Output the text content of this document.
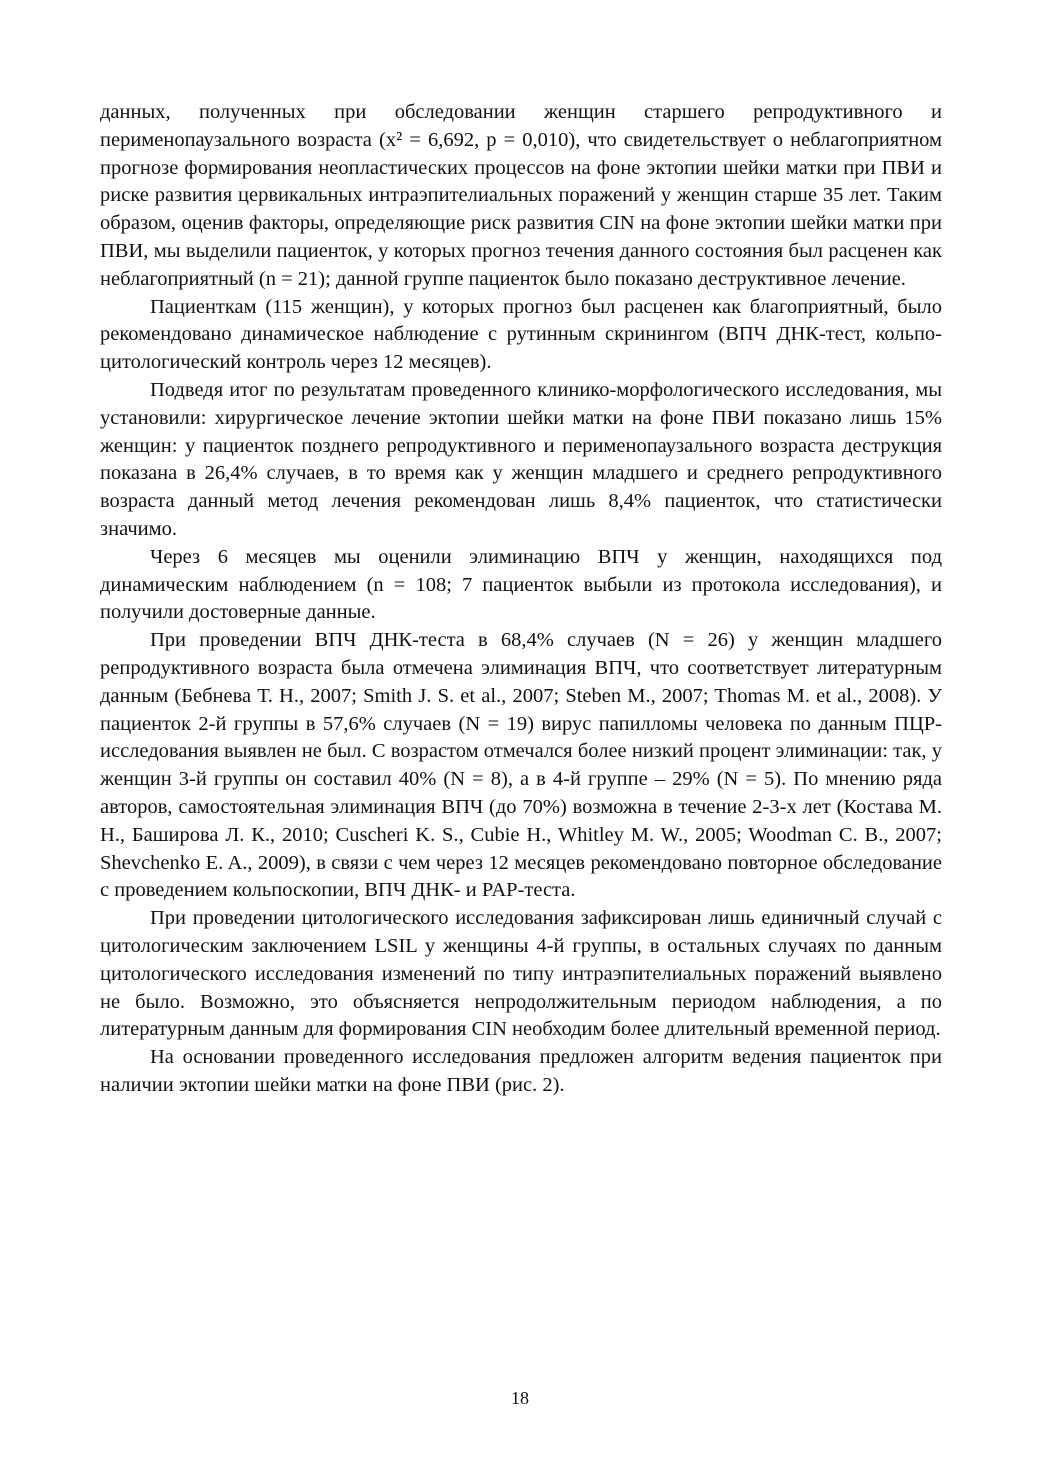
данных, полученных при обследовании женщин старшего репродуктивного и перименопаузального возраста (x² = 6,692, р = 0,010), что свидетельствует о неблагоприятном прогнозе формирования неопластических процессов на фоне эктопии шейки матки при ПВИ и риске развития цервикальных интраэпителиальных поражений у женщин старше 35 лет. Таким образом, оценив факторы, определяющие риск развития CIN на фоне эктопии шейки матки при ПВИ, мы выделили пациенток, у которых прогноз течения данного состояния был расценен как неблагоприятный (n = 21); данной группе пациенток было показано деструктивное лечение.

Пациенткам (115 женщин), у которых прогноз был расценен как благоприятный, было рекомендовано динамическое наблюдение с рутинным скринингом (ВПЧ ДНК-тест, кольпо-цитологический контроль через 12 месяцев).

Подведя итог по результатам проведенного клинико-морфологического исследования, мы установили: хирургическое лечение эктопии шейки матки на фоне ПВИ показано лишь 15% женщин: у пациенток позднего репродуктивного и перименопаузального возраста деструкция показана в 26,4% случаев, в то время как у женщин младшего и среднего репродуктивного возраста данный метод лечения рекомендован лишь 8,4% пациенток, что статистически значимо.

Через 6 месяцев мы оценили элиминацию ВПЧ у женщин, находящихся под динамическим наблюдением (n = 108; 7 пациенток выбыли из протокола исследования), и получили достоверные данные.

При проведении ВПЧ ДНК-теста в 68,4% случаев (N = 26) у женщин младшего репродуктивного возраста была отмечена элиминация ВПЧ, что соответствует литературным данным (Бебнева Т. Н., 2007; Smith J. S. et al., 2007; Steben M., 2007; Thomas M. et al., 2008). У пациенток 2-й группы в 57,6% случаев (N = 19) вирус папилломы человека по данным ПЦР-исследования выявлен не был. С возрастом отмечался более низкий процент элиминации: так, у женщин 3-й группы он составил 40% (N = 8), а в 4-й группе – 29% (N = 5). По мнению ряда авторов, самостоятельная элиминация ВПЧ (до 70%) возможна в течение 2-3-х лет (Костава М. Н., Баширова Л. К., 2010; Cuscheri K. S., Cubie H., Whitley M. W., 2005; Woodman C. B., 2007; Shevchenko E. A., 2009), в связи с чем через 12 месяцев рекомендовано повторное обследование с проведением кольпоскопии, ВПЧ ДНК- и PAP-теста.

При проведении цитологического исследования зафиксирован лишь единичный случай с цитологическим заключением LSIL у женщины 4-й группы, в остальных случаях по данным цитологического исследования изменений по типу интраэпителиальных поражений выявлено не было. Возможно, это объясняется непродолжительным периодом наблюдения, а по литературным данным для формирования CIN необходим более длительный временной период.

На основании проведенного исследования предложен алгоритм ведения пациенток при наличии эктопии шейки матки на фоне ПВИ (рис. 2).

18
